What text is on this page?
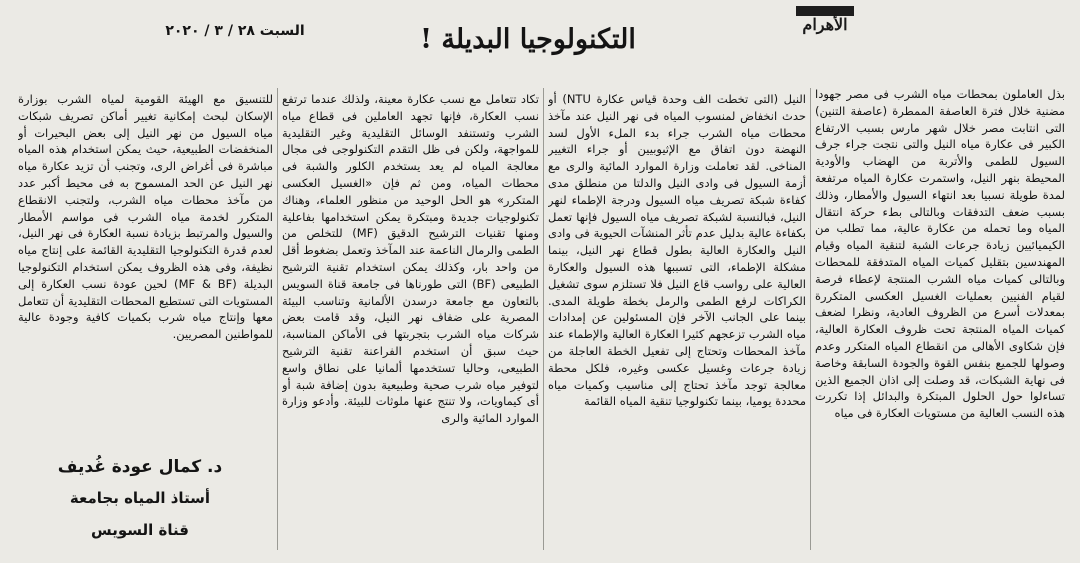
الأهرام
التكنولوجيا البديلة !
السبت ٢٨ / ٣ / ٢٠٢٠

بذل العاملون بمحطات مياه الشرب فى مصر جهودا مضنية خلال فترة العاصفة الممطرة (عاصفة التنين) التى انتابت مصر خلال شهر مارس بسبب الارتفاع الكبير فى عكارة مياه النيل والتى نتجت جراء جرف السيول للطمى والأتربة من الهضاب والأودية المحيطة بنهر النيل، واستمرت عكارة المياه مرتفعة لمدة طويلة نسبيا بعد انتهاء السيول والأمطار، وذلك بسبب ضعف التدفقات وبالتالى بطء حركة انتقال المياه وما تحمله من عكارة عالية، مما تطلب من الكيميائيين زيادة جرعات الشبة لتنقية المياه وقيام المهندسين بتقليل كميات المياه المتدفقة للمحطات وبالتالى كميات مياه الشرب المنتجة لإعطاء فرصة لقيام الفنيين بعمليات الغسيل العكسى المتكررة بمعدلات أسرع من الظروف العادية، ونظرا لضعف كميات المياه المنتجة تحت ظروف العكارة العالية، فإن شكاوى الأهالى من انقطاع المياه المتكرر وعدم وصولها للجميع بنفس القوة والجودة السابقة وخاصة فى نهاية الشبكات، قد وصلت إلى اذان الجميع الذين تساءلوا حول الحلول المبتكرة والبدائل إذا تكررت هذه النسب العالية من مستويات العكارة فى مياه

النيل (التى تخطت الف وحدة قياس عكارة NTU) أو حدث انخفاض لمنسوب المياه فى نهر النيل عند مآخذ محطات مياه الشرب جراء بدء الملء الأول لسد النهضة دون اتفاق مع الإثيوبيين أو جراء التغيير المناخى. لقد تعاملت وزارة الموارد المائية والرى مع أزمة السيول فى وادى النيل والدلتا من منطلق مدى كفاءة شبكة تصريف مياه السيول ودرجة الإطماء لنهر النيل، فبالنسبة لشبكة تصريف مياه السيول فإنها تعمل بكفاءة عالية بدليل عدم تأثر المنشآت الحيوية فى وادى النيل والعكارة العالية بطول قطاع نهر النيل، بينما مشكلة الإطماء، التى تسببها هذه السيول والعكارة العالية على رواسب قاع النيل فلا تستلزم سوى تشغيل الكراكات لرفع الطمى والرمل بخطة طويلة المدى. بينما على الجانب الآخر فإن المسئولين عن إمدادات مياه الشرب تزعجهم كثيرا العكارة العالية والإطماء عند مآخذ المحطات وتحتاج إلى تفعيل الخطة العاجلة من زيادة جرعات وغسيل عكسى وغيره، فلكل محطة معالجة توجد مآخذ تحتاج إلى مناسيب وكميات مياه محددة يوميا، بينما تكنولوجيا تنقية المياه القائمة

تكاد تتعامل مع نسب عكارة معينة، ولذلك عندما ترتفع نسب العكارة، فإنها تجهد العاملين فى قطاع مياه الشرب وتستنفد الوسائل التقليدية وغير التقليدية للمواجهة، ولكن فى ظل التقدم التكنولوجى فى مجال معالجة المياه لم يعد يستخدم الكلور والشبة فى محطات المياه، ومن ثم فإن «الغسيل العكسى المتكرر» هو الحل الوحيد من منظور العلماء، وهناك تكنولوجيات جديدة ومبتكرة يمكن استخدامها بفاعلية ومنها تقنيات الترشيح الدقيق (MF) للتخلص من الطمى والرمال الناعمة عند المآخذ وتعمل بضغوط أقل من واحد بار، وكذلك يمكن استخدام تقنية الترشيح الطبيعى (BF) التى طورناها فى جامعة قناة السويس بالتعاون مع جامعة درسدن الألمانية وتناسب البيئة المصرية على ضفاف نهر النيل، وقد قامت بعض شركات مياه الشرب بتجربتها فى الأماكن المناسبة، حيث سبق أن استخدم الفراعنة تقنية الترشيح الطبيعى، وحاليا تستخدمها ألمانيا على نطاق واسع لتوفير مياه شرب صحية وطبيعية بدون إضافة شبة أو أى كيماويات، ولا تنتج عنها ملوثات للبيئة. وأدعو وزارة الموارد المائية والرى

للتنسيق مع الهيئة القومية لمياه الشرب بوزارة الإسكان لبحث إمكانية تغيير أماكن تصريف شبكات مياه السيول من نهر النيل إلى بعض البحيرات أو المنخفضات الطبيعية، حيث يمكن استخدام هذه المياه مباشرة فى أغراض الرى، وتجنب أن تزيد عكارة مياه نهر النيل عن الحد المسموح به فى محيط أكبر عدد من مآخذ محطات مياه الشرب، ولتجنب الانقطاع المتكرر لخدمة مياه الشرب فى مواسم الأمطار والسيول والمرتبط بزيادة نسبة العكارة فى نهر النيل، لعدم قدرة التكنولوجيا التقليدية القائمة على إنتاج مياه نظيفة، وفى هذه الظروف يمكن استخدام التكنولوجيا البديلة (MF & BF) لحين عودة نسب العكارة إلى المستويات التى تستطيع المحطات التقليدية أن تتعامل معها وإنتاج مياه شرب بكميات كافية وجودة عالية للمواطنين المصريين.

د. كمال عودة غُديف
أستاذ المياه بجامعة
قناة السويس
